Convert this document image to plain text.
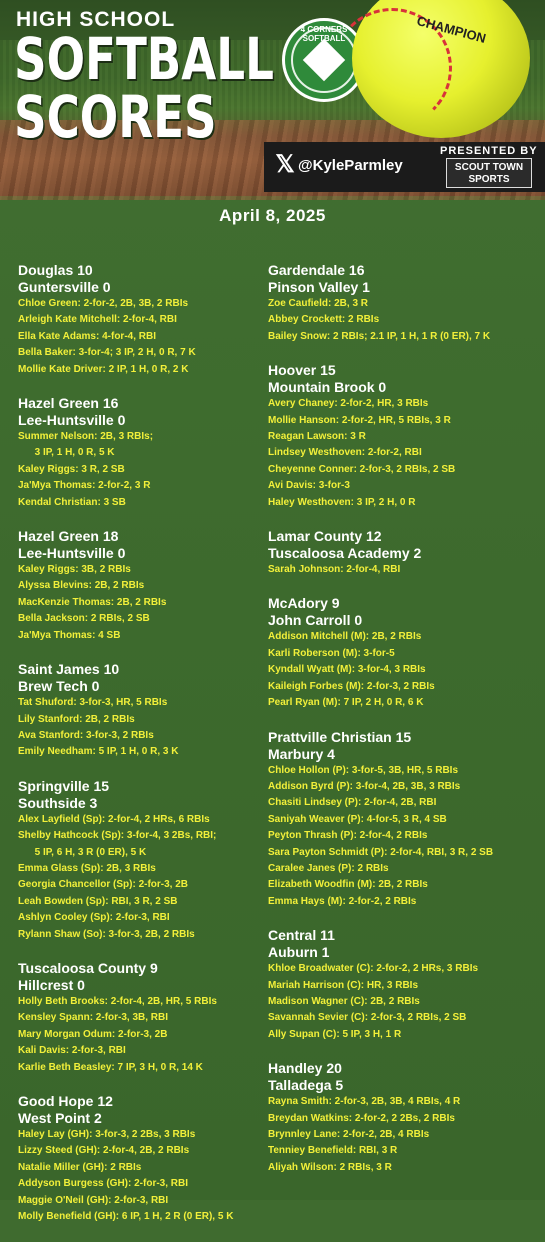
HIGH SCHOOL
SOFTBALL
SCORES
4 CORNERS SOFTBALL	CHAMPION
𝕏 @KyleParmley
PRESENTED BY
SCOUT TOWN SPORTS
April 8, 2025
Douglas 10
Guntersville 0
Chloe Green: 2-for-2, 2B, 3B, 2 RBIs
Arleigh Kate Mitchell: 2-for-4, RBI
Ella Kate Adams: 4-for-4, RBI
Bella Baker: 3-for-4; 3 IP, 2 H, 0 R, 7 K
Mollie Kate Driver: 2 IP, 1 H, 0 R, 2 K
Hazel Green 16
Lee-Huntsville 0
Summer Nelson: 2B, 3 RBIs;
3 IP, 1 H, 0 R, 5 K
Kaley Riggs: 3 R, 2 SB
Ja'Mya Thomas: 2-for-2, 3 R
Kendal Christian: 3 SB
Hazel Green 18
Lee-Huntsville 0
Kaley Riggs: 3B, 2 RBIs
Alyssa Blevins: 2B, 2 RBIs
MacKenzie Thomas: 2B, 2 RBIs
Bella Jackson: 2 RBIs, 2 SB
Ja'Mya Thomas: 4 SB
Saint James 10
Brew Tech 0
Tat Shuford: 3-for-3, HR, 5 RBIs
Lily Stanford: 2B, 2 RBIs
Ava Stanford: 3-for-3, 2 RBIs
Emily Needham: 5 IP, 1 H, 0 R, 3 K
Springville 15
Southside 3
Alex Layfield (Sp): 2-for-4, 2 HRs, 6 RBIs
Shelby Hathcock (Sp): 3-for-4, 3 2Bs, RBI;
5 IP, 6 H, 3 R (0 ER), 5 K
Emma Glass (Sp): 2B, 3 RBIs
Georgia Chancellor (Sp): 2-for-3, 2B
Leah Bowden (Sp): RBI, 3 R, 2 SB
Ashlyn Cooley (Sp): 2-for-3, RBI
Rylann Shaw (So): 3-for-3, 2B, 2 RBIs
Tuscaloosa County 9
Hillcrest 0
Holly Beth Brooks: 2-for-4, 2B, HR, 5 RBIs
Kensley Spann: 2-for-3, 3B, RBI
Mary Morgan Odum: 2-for-3, 2B
Kali Davis: 2-for-3, RBI
Karlie Beth Beasley: 7 IP, 3 H, 0 R, 14 K
Good Hope 12
West Point 2
Haley Lay (GH): 3-for-3, 2 2Bs, 3 RBIs
Lizzy Steed (GH): 2-for-4, 2B, 2 RBIs
Natalie Miller (GH): 2 RBIs
Addyson Burgess (GH): 2-for-3, RBI
Maggie O'Neil (GH): 2-for-3, RBI
Molly Benefield (GH): 6 IP, 1 H, 2 R (0 ER), 5 K
Gardendale 16
Pinson Valley 1
Zoe Caufield: 2B, 3 R
Abbey Crockett: 2 RBIs
Bailey Snow: 2 RBIs; 2.1 IP, 1 H, 1 R (0 ER), 7 K
Hoover 15
Mountain Brook 0
Avery Chaney: 2-for-2, HR, 3 RBIs
Mollie Hanson: 2-for-2, HR, 5 RBIs, 3 R
Reagan Lawson: 3 R
Lindsey Westhoven: 2-for-2, RBI
Cheyenne Conner: 2-for-3, 2 RBIs, 2 SB
Avi Davis: 3-for-3
Haley Westhoven: 3 IP, 2 H, 0 R
Lamar County 12
Tuscaloosa Academy 2
Sarah Johnson: 2-for-4, RBI
McAdory 9
John Carroll 0
Addison Mitchell (M): 2B, 2 RBIs
Karli Roberson (M): 3-for-5
Kyndall Wyatt (M): 3-for-4, 3 RBIs
Kaileigh Forbes (M): 2-for-3, 2 RBIs
Pearl Ryan (M): 7 IP, 2 H, 0 R, 6 K
Prattville Christian 15
Marbury 4
Chloe Hollon (P): 3-for-5, 3B, HR, 5 RBIs
Addison Byrd (P): 3-for-4, 2B, 3B, 3 RBIs
Chasiti Lindsey (P): 2-for-4, 2B, RBI
Saniyah Weaver (P): 4-for-5, 3 R, 4 SB
Peyton Thrash (P): 2-for-4, 2 RBIs
Sara Payton Schmidt (P): 2-for-4, RBI, 3 R, 2 SB
Caralee Janes (P): 2 RBIs
Elizabeth Woodfin (M): 2B, 2 RBIs
Emma Hays (M): 2-for-2, 2 RBIs
Central 11
Auburn 1
Khloe Broadwater (C): 2-for-2, 2 HRs, 3 RBIs
Mariah Harrison (C): HR, 3 RBIs
Madison Wagner (C): 2B, 2 RBIs
Savannah Sevier (C): 2-for-3, 2 RBIs, 2 SB
Ally Supan (C): 5 IP, 3 H, 1 R
Handley 20
Talladega 5
Rayna Smith: 2-for-3, 2B, 3B, 4 RBIs, 4 R
Breydan Watkins: 2-for-2, 2 2Bs, 2 RBIs
Brynnley Lane: 2-for-2, 2B, 4 RBIs
Tenniey Benefield: RBI, 3 R
Aliyah Wilson: 2 RBIs, 3 R
